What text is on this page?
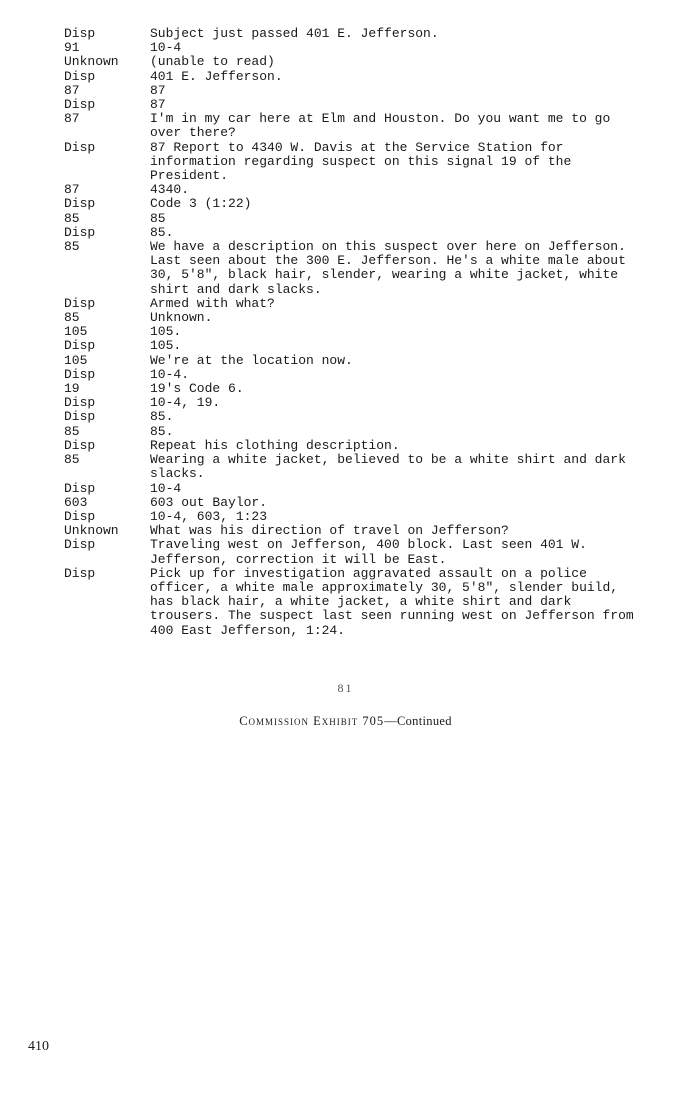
Disp	Subject just passed 401 E. Jefferson.
91	10-4
Unknown	(unable to read)
Disp	401 E. Jefferson.
87	87
Disp	87
87	I'm in my car here at Elm and Houston. Do you want me to go over there?
Disp	87 Report to 4340 W. Davis at the Service Station for information regarding suspect on this signal 19 of the President.
87	4340.
Disp	Code 3 (1:22)
85	85
Disp	85.
85	We have a description on this suspect over here on Jefferson. Last seen about the 300 E. Jefferson. He's a white male about 30, 5'8", black hair, slender, wearing a white jacket, white shirt and dark slacks.
Disp	Armed with what?
85	Unknown.
105	105.
Disp	105.
105	We're at the location now.
Disp	10-4.
19	19's Code 6.
Disp	10-4, 19.
Disp	85.
85	85.
Disp	Repeat his clothing description.
85	Wearing a white jacket, believed to be a white shirt and dark slacks.
Disp	10-4
603	603 out Baylor.
Disp	10-4, 603, 1:23
Unknown	What was his direction of travel on Jefferson?
Disp	Traveling west on Jefferson, 400 block. Last seen 401 W. Jefferson, correction it will be East.
Disp	Pick up for investigation aggravated assault on a police officer, a white male approximately 30, 5'8", slender build, has black hair, a white jacket, a white shirt and dark trousers. The suspect last seen running west on Jefferson from 400 East Jefferson, 1:24.
81
Commission Exhibit 705—Continued
410
